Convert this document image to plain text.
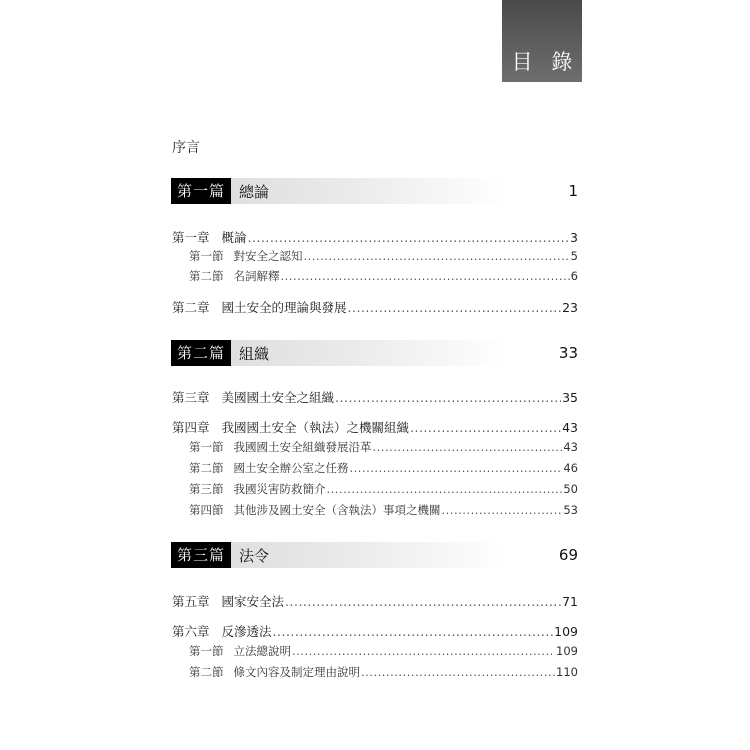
目 錄
序言
第一篇 總論	1
第一章 概論 .....	3
第一節 對安全之認知 .....	5
第二節 名詞解釋 .....	6
第二章 國土安全的理論與發展 .....	23
第二篇 組織	33
第三章 美國國土安全之組織 .....	35
第四章 我國國土安全（執法）之機關組織 .....	43
第一節 我國國土安全組織發展沿革 .....	43
第二節 國土安全辦公室之任務 .....	46
第三節 我國災害防救簡介 .....	50
第四節 其他涉及國土安全（含執法）事項之機關 .....	53
第三篇 法令	69
第五章 國家安全法 .....	71
第六章 反滲透法 .....	109
第一節 立法總說明 .....	109
第二節 條文內容及制定理由說明 .....	110
